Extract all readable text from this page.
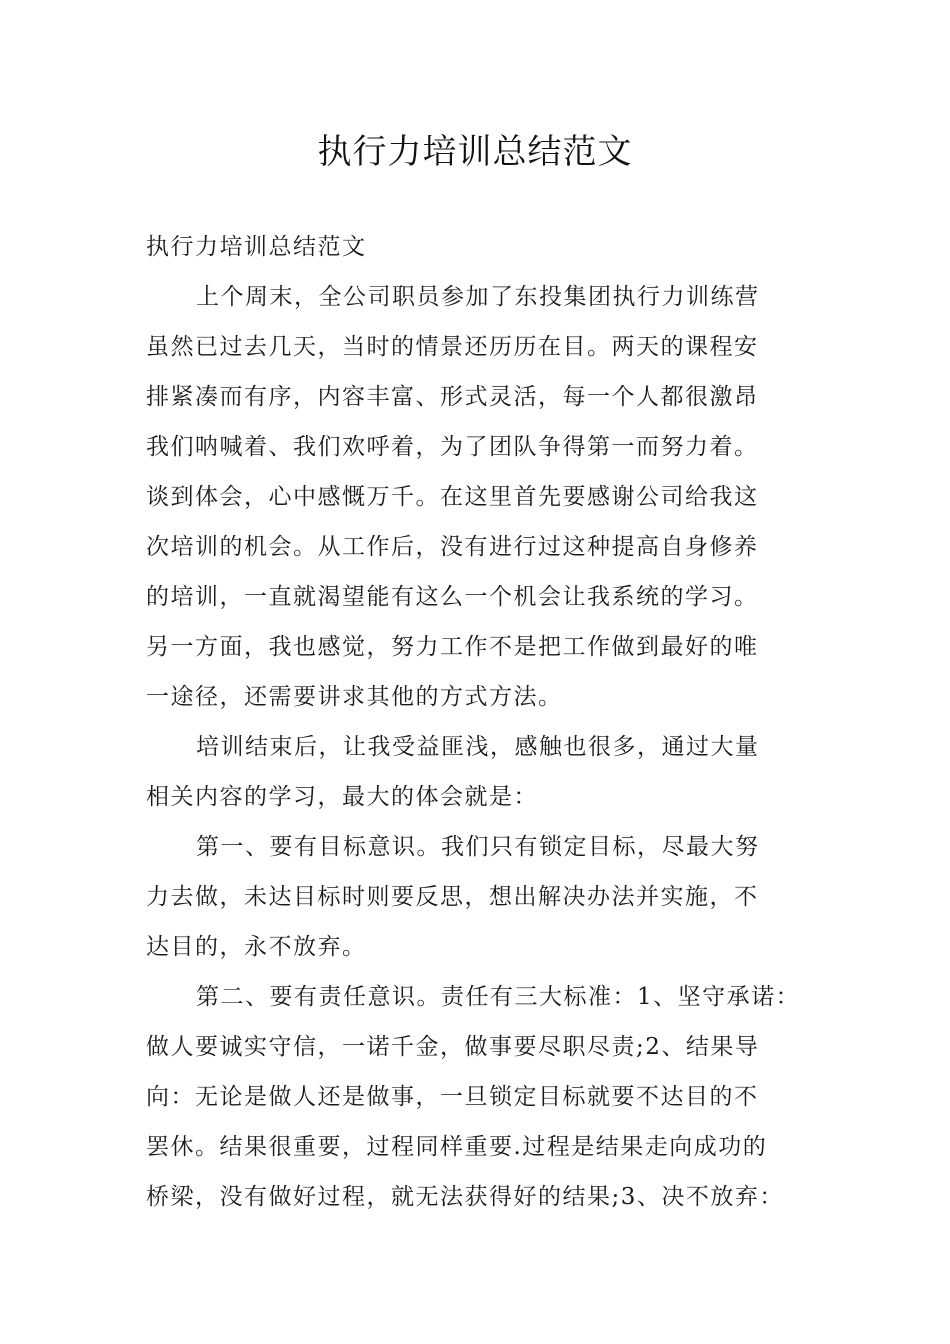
执行力培训总结范文
执行力培训总结范文
上个周末，全公司职员参加了东投集团执行力训练营
虽然已过去几天，当时的情景还历历在目。两天的课程安
排紧凑而有序，内容丰富、形式灵活，每一个人都很激昂
我们呐喊着、我们欢呼着，为了团队争得第一而努力着。
谈到体会，心中感慨万千。在这里首先要感谢公司给我这
次培训的机会。从工作后，没有进行过这种提高自身修养
的培训，一直就渴望能有这么一个机会让我系统的学习。
另一方面，我也感觉，努力工作不是把工作做到最好的唯
一途径，还需要讲求其他的方式方法。
培训结束后，让我受益匪浅，感触也很多，通过大量
相关内容的学习，最大的体会就是：
第一、要有目标意识。我们只有锁定目标，尽最大努
力去做，未达目标时则要反思，想出解决办法并实施，不
达目的，永不放弃。
第二、要有责任意识。责任有三大标准：1、坚守承诺：
做人要诚实守信，一诺千金，做事要尽职尽责;2、结果导
向：无论是做人还是做事，一旦锁定目标就要不达目的不
罢休。结果很重要，过程同样重要.过程是结果走向成功的
桥梁，没有做好过程，就无法获得好的结果;3、决不放弃：
